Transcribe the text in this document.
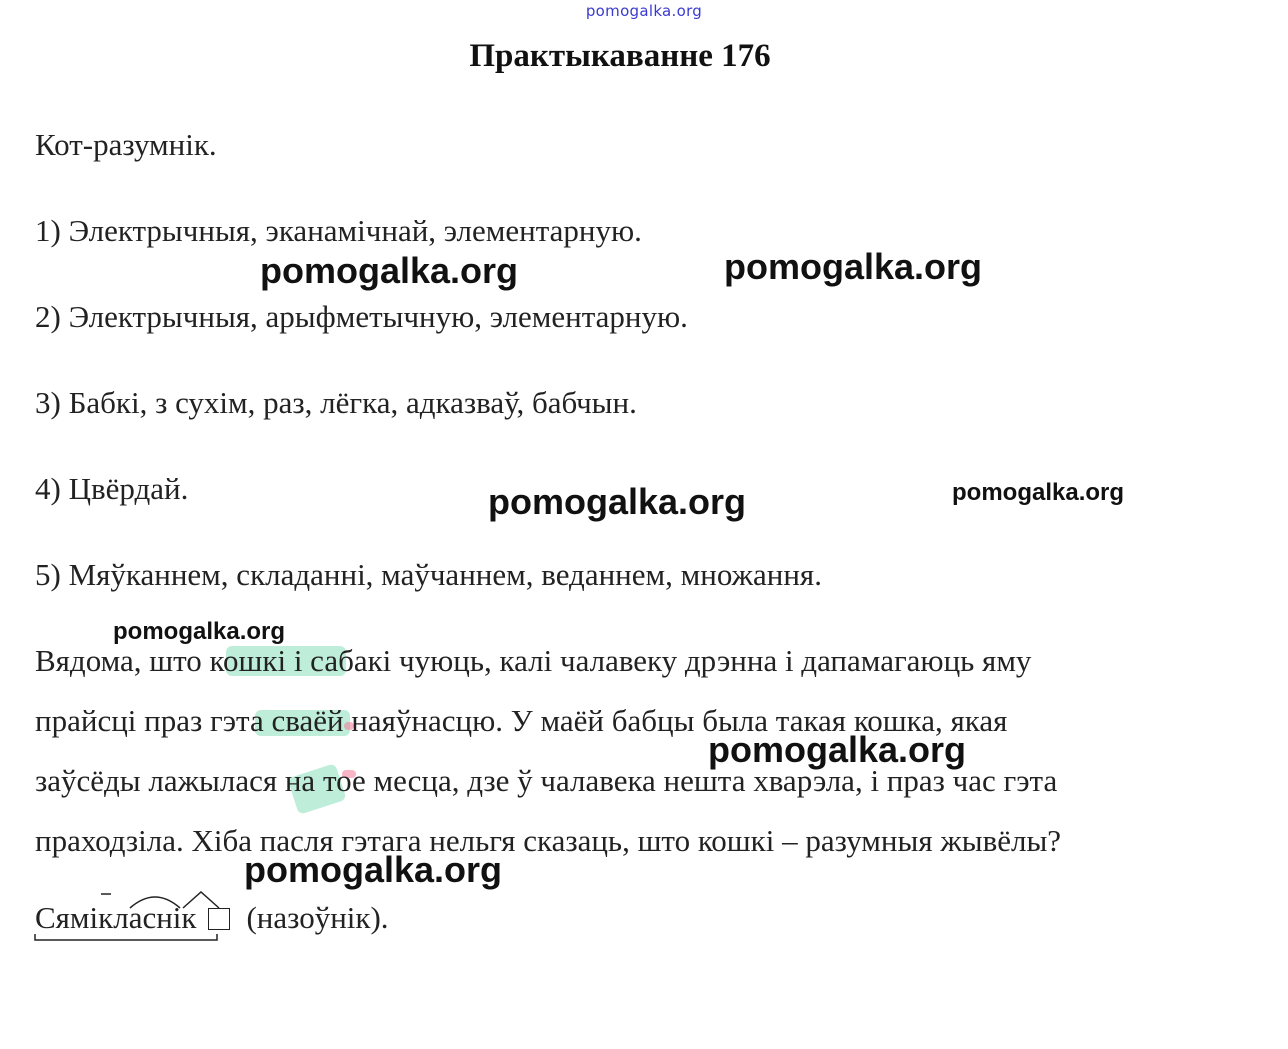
pomogalka.org
Практыкаванне 176
Кот-разумнік.
1) Электрычныя, эканамічнай, элементарную.
2) Электрычныя, арыфметычную, элементарную.
3) Бабкі, з сухім, раз, лёгка, адказваў, бабчын.
4) Цвёрдай.
5) Мяўканнем, складанні, маўчаннем, веданнем, множання.
Вядома, што кошкі і сабакі чуюць, калі чалавеку дрэнна і дапамагаюць яму
прайсці праз гэта сваёй наяўнасцю. У маёй бабцы была такая кошка, якая
заўсёды лажылася на тое месца, дзе ў чалавека нешта хварэла, і праз час гэта
праходзіла. Хіба пасля гэтага нельгя сказаць, што кошкі – разумныя жывёлы?
Сямікласнік (назоўнік).
pomogalka.org	pomogalka.org
pomogalka.org	pomogalka.org
pomogalka.org
pomogalka.org
pomogalka.org
